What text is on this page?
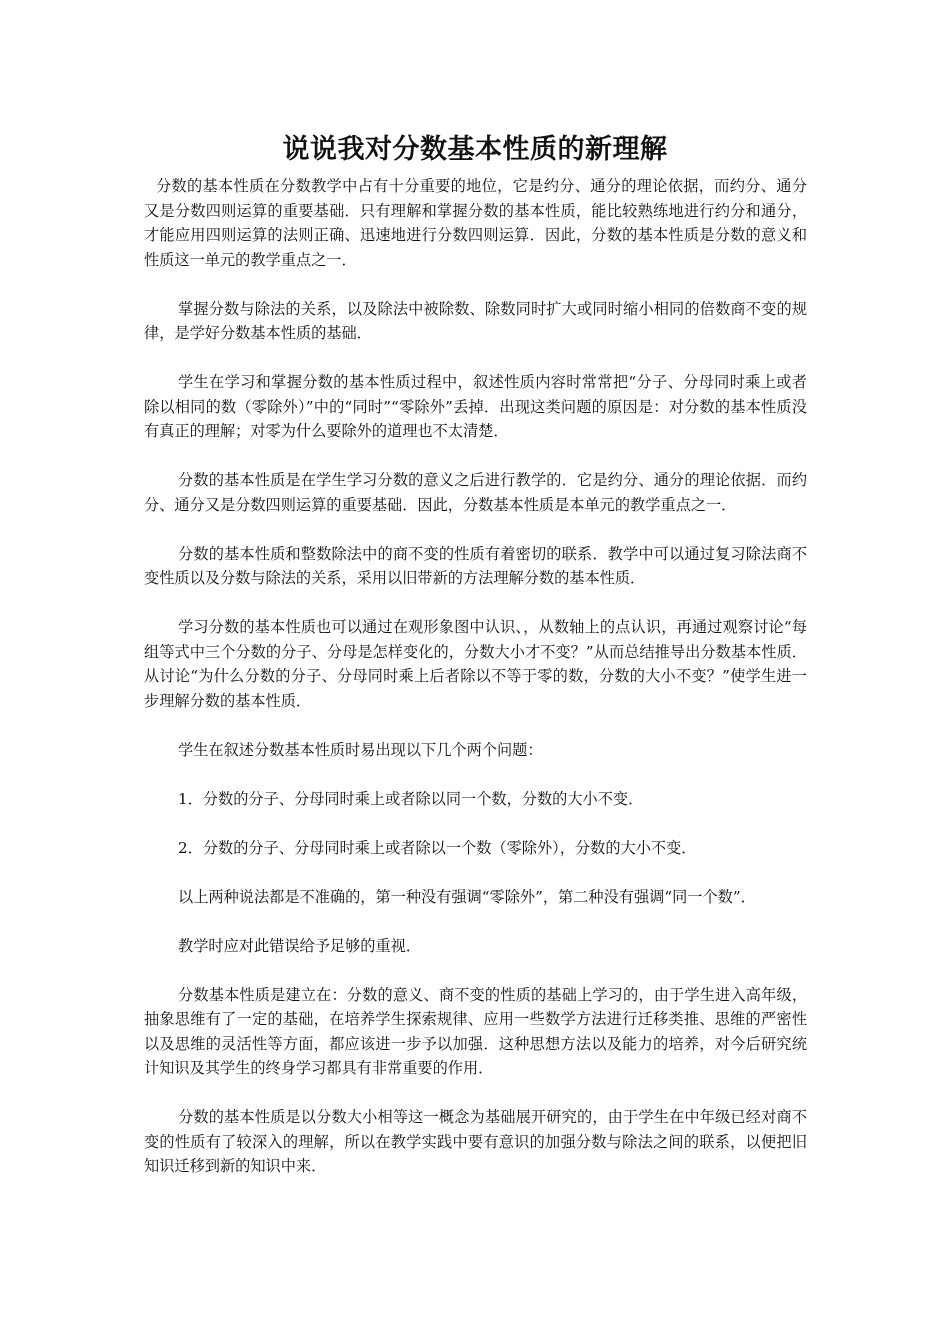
说说我对分数基本性质的新理解

分数的基本性质在分数教学中占有十分重要的地位，它是约分、通分的理论依据，而约分、通分又是分数四则运算的重要基础．只有理解和掌握分数的基本性质，能比较熟练地进行约分和通分，才能应用四则运算的法则正确、迅速地进行分数四则运算．因此，分数的基本性质是分数的意义和性质这一单元的教学重点之一．

掌握分数与除法的关系，以及除法中被除数、除数同时扩大或同时缩小相同的倍数商不变的规律，是学好分数基本性质的基础．

学生在学习和掌握分数的基本性质过程中，叙述性质内容时常常把“分子、分母同时乘上或者除以相同的数（零除外）”中的“同时”“零除外”丢掉．出现这类问题的原因是：对分数的基本性质没有真正的理解；对零为什么要除外的道理也不太清楚．

分数的基本性质是在学生学习分数的意义之后进行教学的．它是约分、通分的理论依据．而约分、通分又是分数四则运算的重要基础．因此，分数基本性质是本单元的教学重点之一．

分数的基本性质和整数除法中的商不变的性质有着密切的联系．教学中可以通过复习除法商不变性质以及分数与除法的关系，采用以旧带新的方法理解分数的基本性质．

学习分数的基本性质也可以通过在观形象图中认识、，从数轴上的点认识，再通过观察讨论“每组等式中三个分数的分子、分母是怎样变化的，分数大小才不变？”从而总结推导出分数基本性质．从讨论“为什么分数的分子、分母同时乘上后者除以不等于零的数，分数的大小不变？”使学生进一步理解分数的基本性质．

学生在叙述分数基本性质时易出现以下几个两个问题：

1．分数的分子、分母同时乘上或者除以同一个数，分数的大小不变．

2．分数的分子、分母同时乘上或者除以一个数（零除外），分数的大小不变．

以上两种说法都是不准确的，第一种没有强调“零除外”，第二种没有强调“同一个数”．

教学时应对此错误给予足够的重视．

分数基本性质是建立在：分数的意义、商不变的性质的基础上学习的，由于学生进入高年级，抽象思维有了一定的基础，在培养学生探索规律、应用一些数学方法进行迁移类推、思维的严密性以及思维的灵活性等方面，都应该进一步予以加强．这种思想方法以及能力的培养，对今后研究统计知识及其学生的终身学习都具有非常重要的作用．

分数的基本性质是以分数大小相等这一概念为基础展开研究的，由于学生在中年级已经对商不变的性质有了较深入的理解，所以在教学实践中要有意识的加强分数与除法之间的联系，以便把旧知识迁移到新的知识中来．
